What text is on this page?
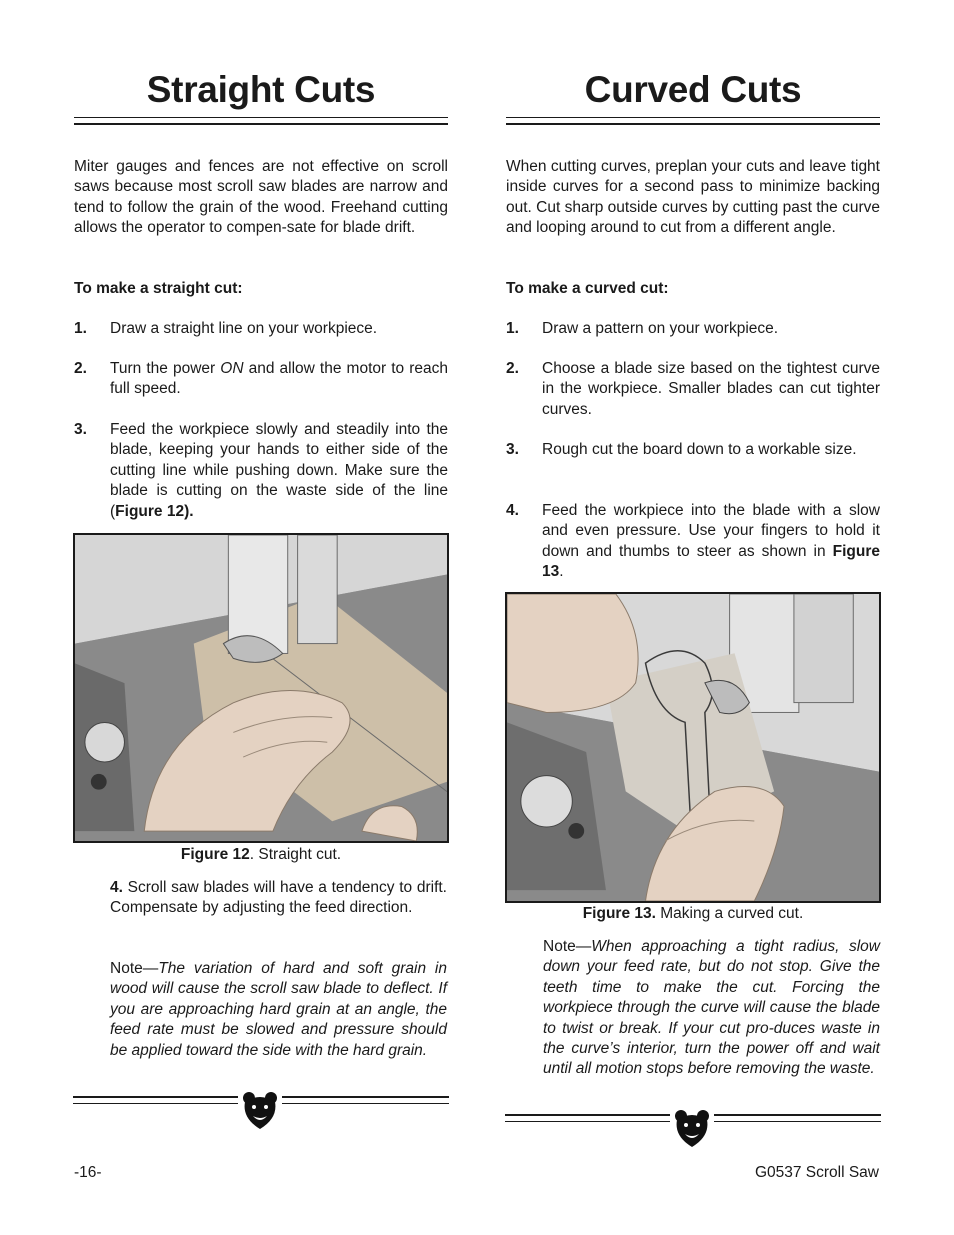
Straight Cuts

Miter gauges and fences are not effective on scroll saws because most scroll saw blades are narrow and tend to follow the grain of the wood. Freehand cutting allows the operator to compen-sate for blade drift.

To make a straight cut:
1. Draw a straight line on your workpiece.
2. Turn the power ON and allow the motor to reach full speed.
3. Feed the workpiece slowly and steadily into the blade, keeping your hands to either side of the cutting line while pushing down. Make sure the blade is cutting on the waste side of the line (Figure 12).
Figure 12. Straight cut.

4. Scroll saw blades will have a tendency to drift. Compensate by adjusting the feed direction.

Note—The variation of hard and soft grain in wood will cause the scroll saw blade to deflect. If you are approaching hard grain at an angle, the feed rate must be slowed and pressure should be applied toward the side with the hard grain.

Curved Cuts

When cutting curves, preplan your cuts and leave tight inside curves for a second pass to minimize backing out. Cut sharp outside curves by cutting past the curve and looping around to cut from a different angle.

To make a curved cut:
1. Draw a pattern on your workpiece.
2. Choose a blade size based on the tightest curve in the workpiece. Smaller blades can cut tighter curves.
3. Rough cut the board down to a workable size.
4. Feed the workpiece into the blade with a slow and even pressure. Use your fingers to hold it down and thumbs to steer as shown in Figure 13.
Figure 13. Making a curved cut.

Note—When approaching a tight radius, slow down your feed rate, but do not stop. Give the teeth time to make the cut. Forcing the workpiece through the curve will cause the blade to twist or break. If your cut pro-duces waste in the curve’s interior, turn the power off and wait until all motion stops before removing the waste.

-16-	G0537 Scroll Saw
